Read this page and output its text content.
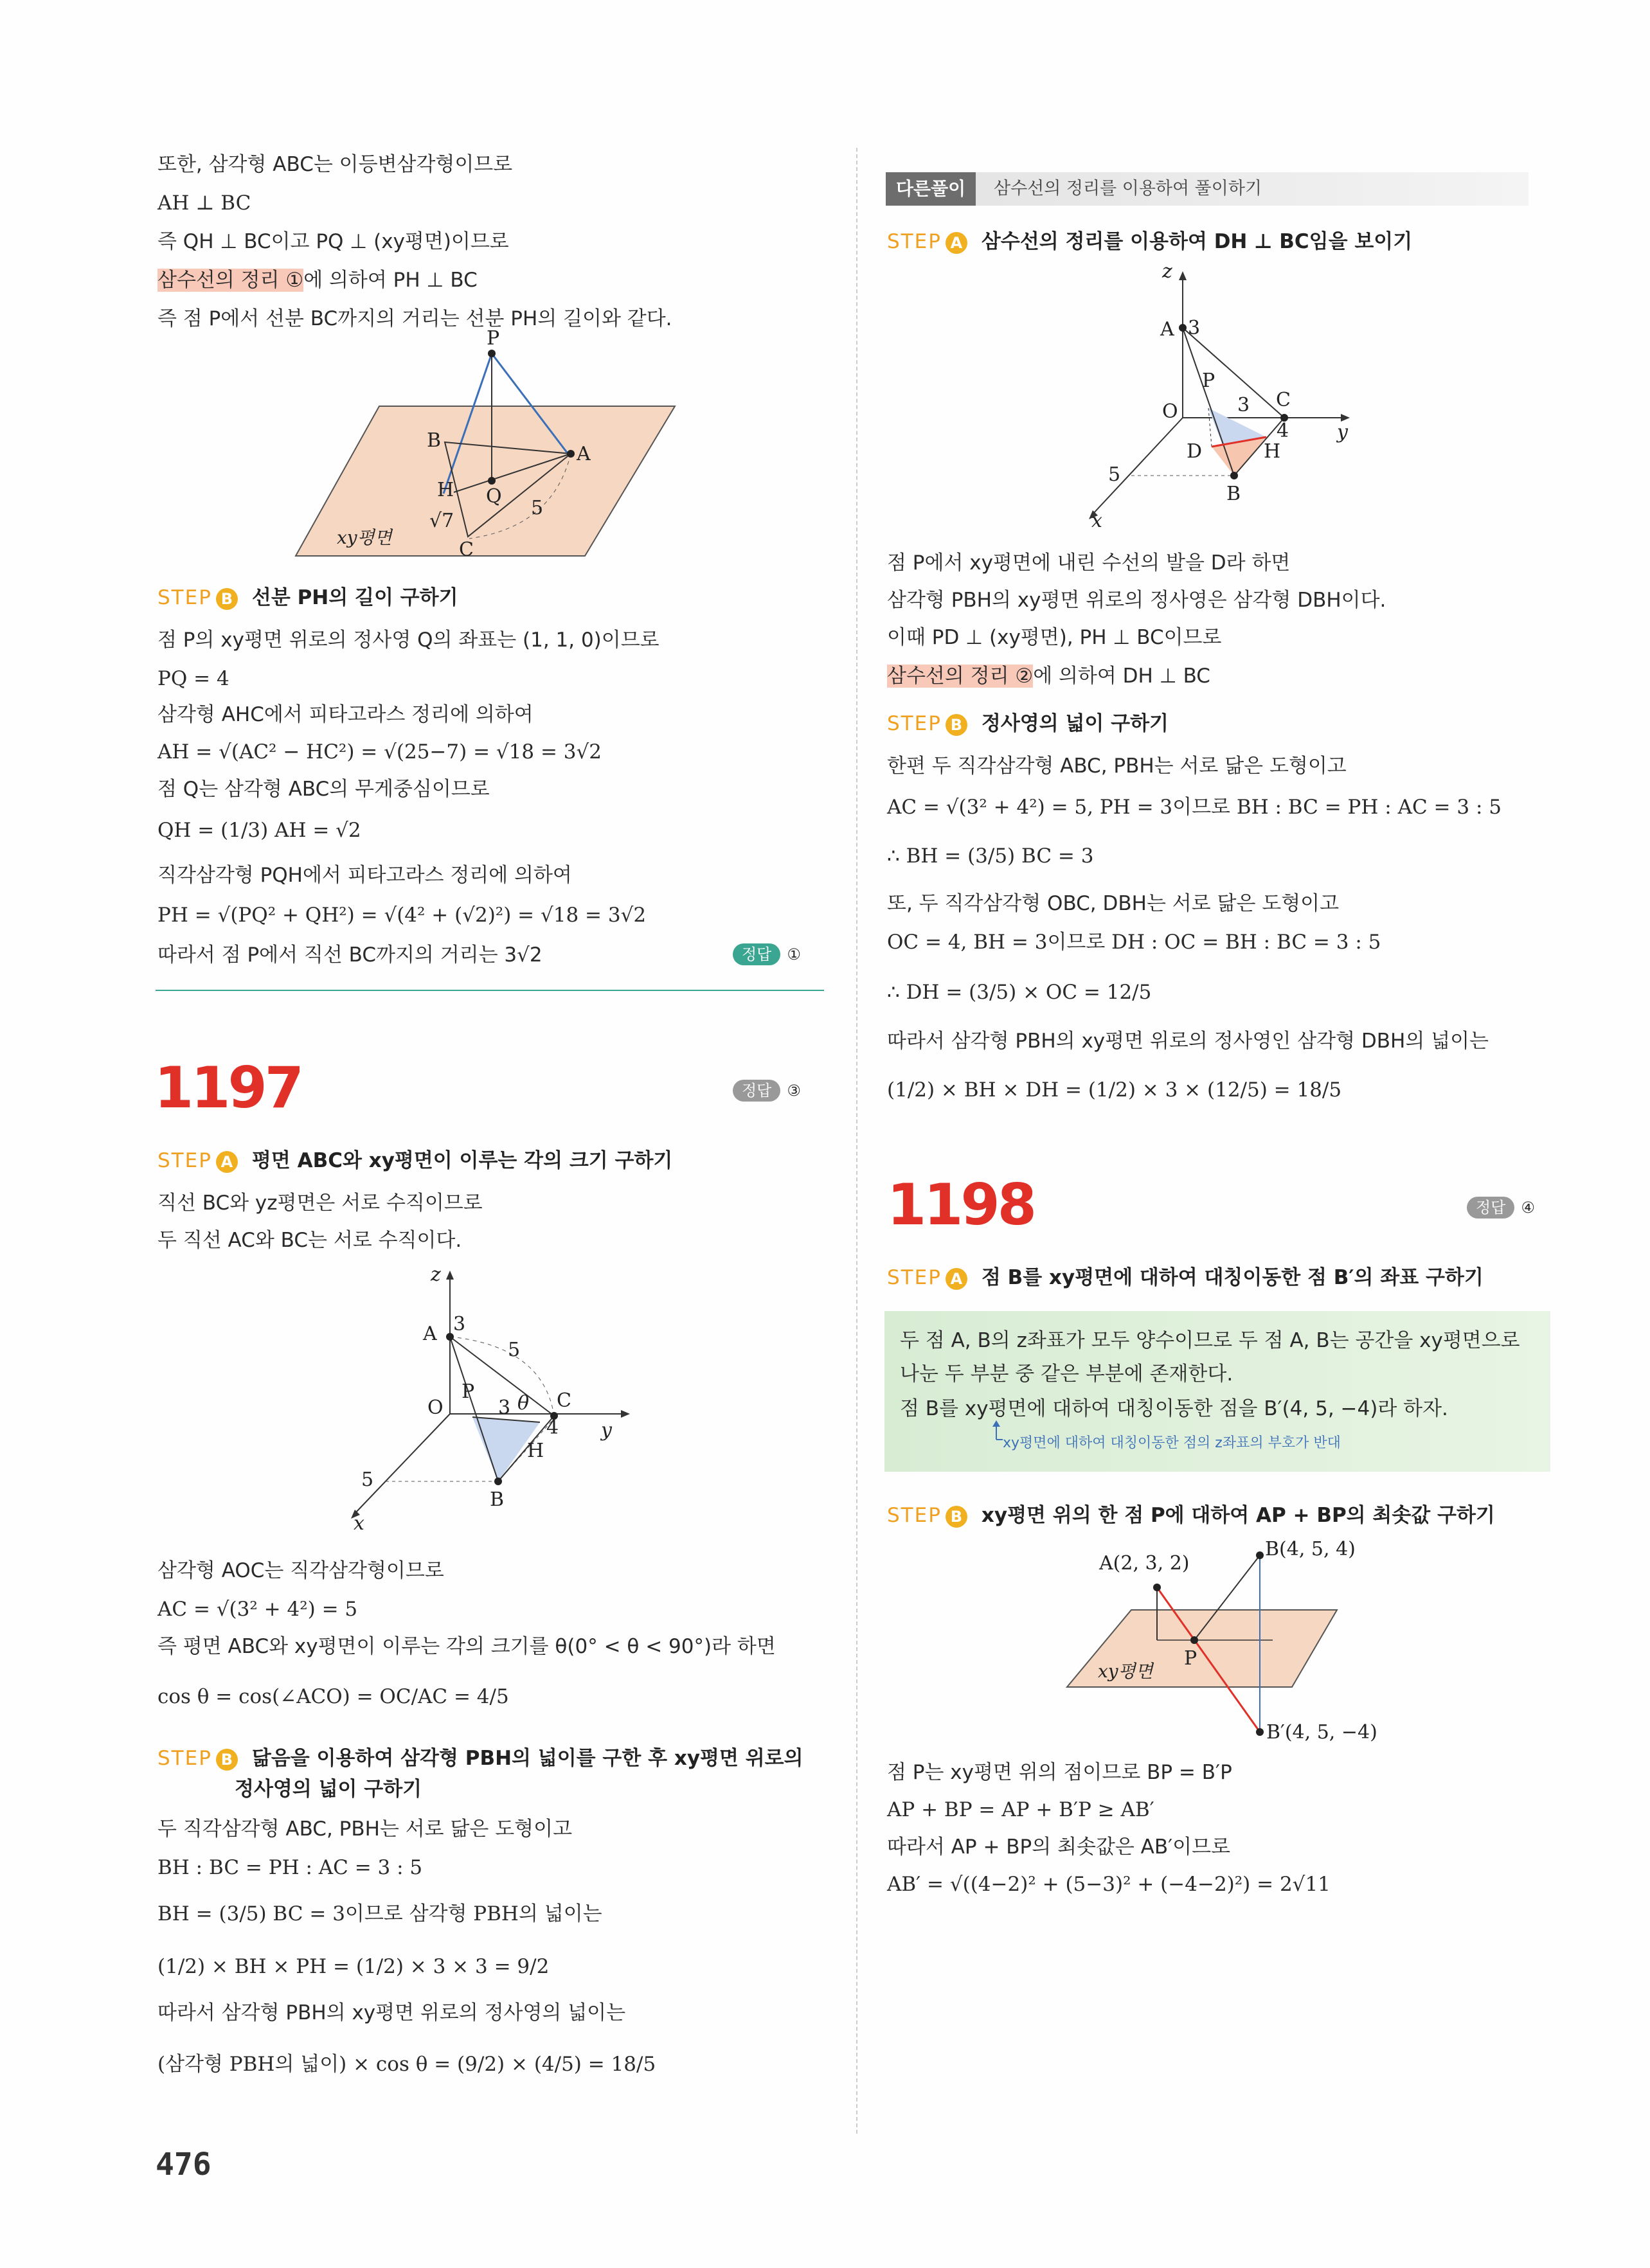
또한, 삼각형 ABC는 이등변삼각형이므로
AH ⊥ BC
즉 QH ⊥ BC이고 PQ ⊥ (xy평면)이므로
삼수선의 정리 ①에 의하여 PH ⊥ BC
즉 점 P에서 선분 BC까지의 거리는 선분 PH의 길이와 같다.
P
B
A
H Q
C
√7
5
xy평면
STEP B 선분 PH의 길이 구하기
점 P의 xy평면 위로의 정사영 Q의 좌표는 (1, 1, 0)이므로
PQ = 4
삼각형 AHC에서 피타고라스 정리에 의하여
AH = √(AC² − HC²) = √(25−7) = √18 = 3√2
점 Q는 삼각형 ABC의 무게중심이므로
QH = (1/3) AH = √2
직각삼각형 PQH에서 피타고라스 정리에 의하여
PH = √(PQ² + QH²) = √(4² + (√2)²) = √18 = 3√2
따라서 점 P에서 직선 BC까지의 거리는 3√2	정답 ①
1197	정답 ③
STEP A 평면 ABC와 xy평면이 이루는 각의 크기 구하기
직선 BC와 yz평면은 서로 수직이므로
두 직선 AC와 BC는 서로 수직이다.
z
A 3
5
O
P
θ C
3
4 y
H
5
B
x
삼각형 AOC는 직각삼각형이므로
AC = √(3² + 4²) = 5
즉 평면 ABC와 xy평면이 이루는 각의 크기를 θ(0° < θ < 90°)라 하면
cos θ = cos(∠ACO) = OC/AC = 4/5
STEP B 닮음을 이용하여 삼각형 PBH의 넓이를 구한 후 xy평면 위로의
정사영의 넓이 구하기
두 직각삼각형 ABC, PBH는 서로 닮은 도형이고
BH : BC = PH : AC = 3 : 5
BH = (3/5) BC = 3이므로 삼각형 PBH의 넓이는
(1/2) × BH × PH = (1/2) × 3 × 3 = 9/2
따라서 삼각형 PBH의 xy평면 위로의 정사영의 넓이는
(삼각형 PBH의 넓이) × cos θ = (9/2) × (4/5) = 18/5
다른풀이	삼수선의 정리를 이용하여 풀이하기
STEP A 삼수선의 정리를 이용하여 DH ⊥ BC임을 보이기
z
A 3
P
O	3 C
4 y
D	H
5
B
x
점 P에서 xy평면에 내린 수선의 발을 D라 하면
삼각형 PBH의 xy평면 위로의 정사영은 삼각형 DBH이다.
이때 PD ⊥ (xy평면), PH ⊥ BC이므로
삼수선의 정리 ②에 의하여 DH ⊥ BC
STEP B 정사영의 넓이 구하기
한편 두 직각삼각형 ABC, PBH는 서로 닮은 도형이고
AC = √(3² + 4²) = 5, PH = 3이므로 BH : BC = PH : AC = 3 : 5
∴ BH = (3/5) BC = 3
또, 두 직각삼각형 OBC, DBH는 서로 닮은 도형이고
OC = 4, BH = 3이므로 DH : OC = BH : BC = 3 : 5
∴ DH = (3/5) × OC = 12/5
따라서 삼각형 PBH의 xy평면 위로의 정사영인 삼각형 DBH의 넓이는
(1/2) × BH × DH = (1/2) × 3 × (12/5) = 18/5
1198	정답 ④
STEP A 점 B를 xy평면에 대하여 대칭이동한 점 B′의 좌표 구하기
두 점 A, B의 z좌표가 모두 양수이므로 두 점 A, B는 공간을 xy평면으로
나눈 두 부분 중 같은 부분에 존재한다.
점 B를 xy평면에 대하여 대칭이동한 점을 B′(4, 5, −4)라 하자.
xy평면에 대하여 대칭이동한 점의 z좌표의 부호가 반대
STEP B xy평면 위의 한 점 P에 대하여 AP + BP의 최솟값 구하기
A(2, 3, 2)
B(4, 5, 4)
P
xy평면
B′(4, 5, −4)
점 P는 xy평면 위의 점이므로 BP = B′P
AP + BP = AP + B′P ≥ AB′
따라서 AP + BP의 최솟값은 AB′이므로
AB′ = √((4−2)² + (5−3)² + (−4−2)²) = 2√11
476
